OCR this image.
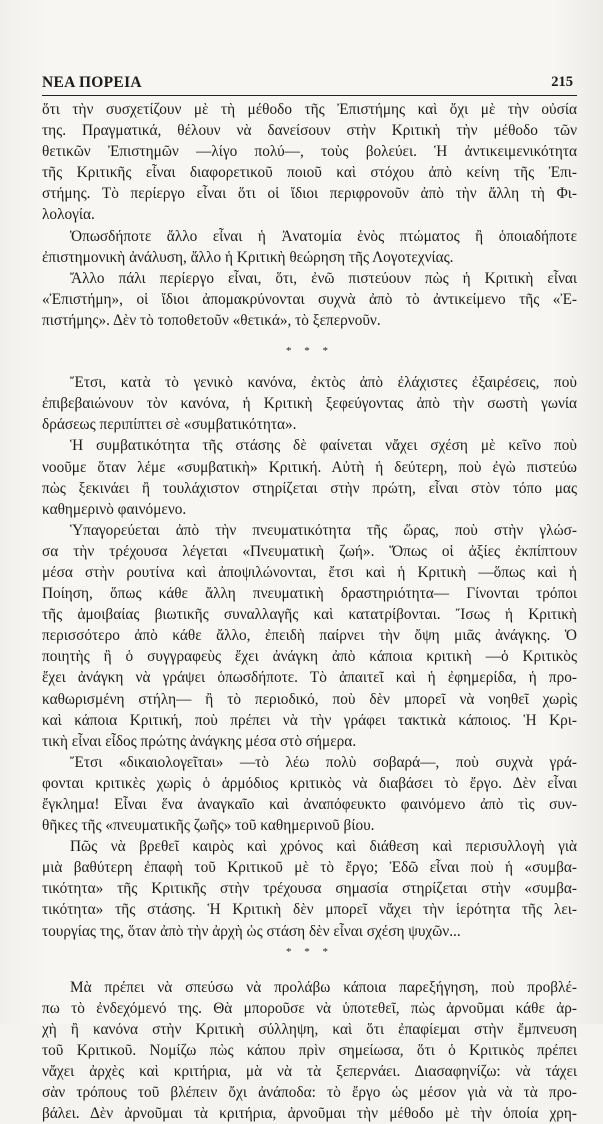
ΝΕΑ ΠΟΡΕΙΑ	215
ὅτι τὴν συσχετίζουν μὲ τὴ μέθοδο τῆς Ἐπιστήμης καὶ ὄχι μὲ τὴν οὐσία
της. Πραγματικά, θέλουν νὰ δανείσουν στὴν Κριτικὴ τὴν μέθοδο τῶν
θετικῶν Ἐπιστημῶν —λίγο πολύ—, τοὺς βολεύει. Ἡ ἀντικειμενικότητα
τῆς Κριτικῆς εἶναι διαφορετικοῦ ποιοῦ καὶ στόχου ἀπὸ κείνη τῆς Ἐπι-
στήμης. Τὸ περίεργο εἶναι ὅτι οἱ ἴδιοι περιφρονοῦν ἀπὸ τὴν ἄλλη τὴ Φι-
λολογία.
Ὁπωσδήποτε ἄλλο εἶναι ἡ Ἀνατομία ἑνὸς πτώματος ἢ ὁποιαδήποτε
ἐπιστημονικὴ ἀνάλυση, ἄλλο ἡ Κριτικὴ θεώρηση τῆς Λογοτεχνίας.
Ἄλλο πάλι περίεργο εἶναι, ὅτι, ἐνῶ πιστεύουν πὼς ἡ Κριτικὴ εἶναι
«Ἐπιστήμη», οἱ ἴδιοι ἀπομακρύνονται συχνὰ ἀπὸ τὸ ἀντικείμενο τῆς «Ἐ-
πιστήμης». Δὲν τὸ τοποθετοῦν «θετικά», τὸ ξεπερνοῦν.
* * *
Ἔτσι, κατὰ τὸ γενικὸ κανόνα, ἐκτὸς ἀπὸ ἐλάχιστες ἐξαιρέσεις, ποὺ
ἐπιβεβαιώνουν τὸν κανόνα, ἡ Κριτικὴ ξεφεύγοντας ἀπὸ τὴν σωστὴ γωνία
δράσεως περιπίπτει σὲ «συμβατικότητα».
Ἡ συμβατικότητα τῆς στάσης δὲ φαίνεται νἄχει σχέση μὲ κεῖνο ποὺ
νοοῦμε ὅταν λέμε «συμβατικὴ» Κριτική. Αὐτὴ ἡ δεύτερη, ποὺ ἐγὼ πιστεύω
πὼς ξεκινάει ἢ τουλάχιστον στηρίζεται στὴν πρώτη, εἶναι στὸν τόπο μας
καθημερινὸ φαινόμενο.
Ὑπαγορεύεται ἀπὸ τὴν πνευματικότητα τῆς ὥρας, ποὺ στὴν γλώσ-
σα τὴν τρέχουσα λέγεται «Πνευματικὴ ζωή». Ὅπως οἱ ἀξίες ἐκπίπτουν
μέσα στὴν ρουτίνα καὶ ἀποψιλώνονται, ἔτσι καὶ ἡ Κριτικὴ —ὅπως καὶ ἡ
Ποίηση, ὅπως κάθε ἄλλη πνευματικὴ δραστηριότητα— Γίνονται τρόποι
τῆς ἀμοιβαίας βιωτικῆς συναλλαγῆς καὶ κατατρίβονται. Ἴσως ἡ Κριτικὴ
περισσότερο ἀπὸ κάθε ἄλλο, ἐπειδὴ παίρνει τὴν ὄψη μιᾶς ἀνάγκης. Ὁ
ποιητὴς ἢ ὁ συγγραφεὺς ἔχει ἀνάγκη ἀπὸ κάποια κριτικὴ —ὁ Κριτικὸς
ἔχει ἀνάγκη νὰ γράψει ὁπωσδήποτε. Τὸ ἀπαιτεῖ καὶ ἡ ἐφημερίδα, ἡ προ-
καθωρισμένη στήλη— ἢ τὸ περιοδικό, ποὺ δὲν μπορεῖ νὰ νοηθεῖ χωρὶς
καὶ κάποια Κριτική, ποὺ πρέπει νὰ τὴν γράφει τακτικὰ κάποιος. Ἡ Κρι-
τικὴ εἶναι εἶδος πρώτης ἀνάγκης μέσα στὸ σήμερα.
Ἔτσι «δικαιολογεῖται» —τὸ λέω πολὺ σοβαρά—, ποὺ συχνὰ γρά-
φονται κριτικὲς χωρὶς ὁ ἁρμόδιος κριτικὸς νὰ διαβάσει τὸ ἔργο. Δὲν εἶναι
ἔγκλημα! Εἶναι ἕνα ἀναγκαῖο καὶ ἀναπόφευκτο φαινόμενο ἀπὸ τὶς συν-
θῆκες τῆς «πνευματικῆς ζωῆς» τοῦ καθημερινοῦ βίου.
Πῶς νὰ βρεθεῖ καιρὸς καὶ χρόνος καὶ διάθεση καὶ περισυλλογὴ γιὰ
μιὰ βαθύτερη ἐπαφὴ τοῦ Κριτικοῦ μὲ τὸ ἔργο; Ἐδῶ εἶναι ποὺ ἡ «συμβα-
τικότητα» τῆς Κριτικῆς στὴν τρέχουσα σημασία στηρίζεται στὴν «συμβα-
τικότητα» τῆς στάσης. Ἡ Κριτικὴ δὲν μπορεῖ νἄχει τὴν ἱερότητα τῆς λει-
τουργίας της, ὅταν ἀπὸ τὴν ἀρχὴ ὡς στάση δὲν εἶναι σχέση ψυχῶν...
* * *
Μὰ πρέπει νὰ σπεύσω νὰ προλάβω κάποια παρεξήγηση, ποὺ προβλέ-
πω τὸ ἐνδεχόμενό της. Θὰ μποροῦσε νὰ ὑποτεθεῖ, πὼς ἀρνοῦμαι κάθε ἀρ-
χὴ ἢ κανόνα στὴν Κριτικὴ σύλληψη, καὶ ὅτι ἐπαφίεμαι στὴν ἔμπνευση
τοῦ Κριτικοῦ. Νομίζω πὼς κάπου πρὶν σημείωσα, ὅτι ὁ Κριτικὸς πρέπει
νἄχει ἀρχὲς καὶ κριτήρια, μὰ νὰ τὰ ξεπερνάει. Διασαφηνίζω: νὰ τάχει
σὰν τρόπους τοῦ βλέπειν ὄχι ἀνάποδα: τὸ ἔργο ὡς μέσον γιὰ νὰ τὰ προ-
βάλει. Δὲν ἀρνοῦμαι τὰ κριτήρια, ἀρνοῦμαι τὴν μέθοδο μὲ τὴν ὁποία χρη-
